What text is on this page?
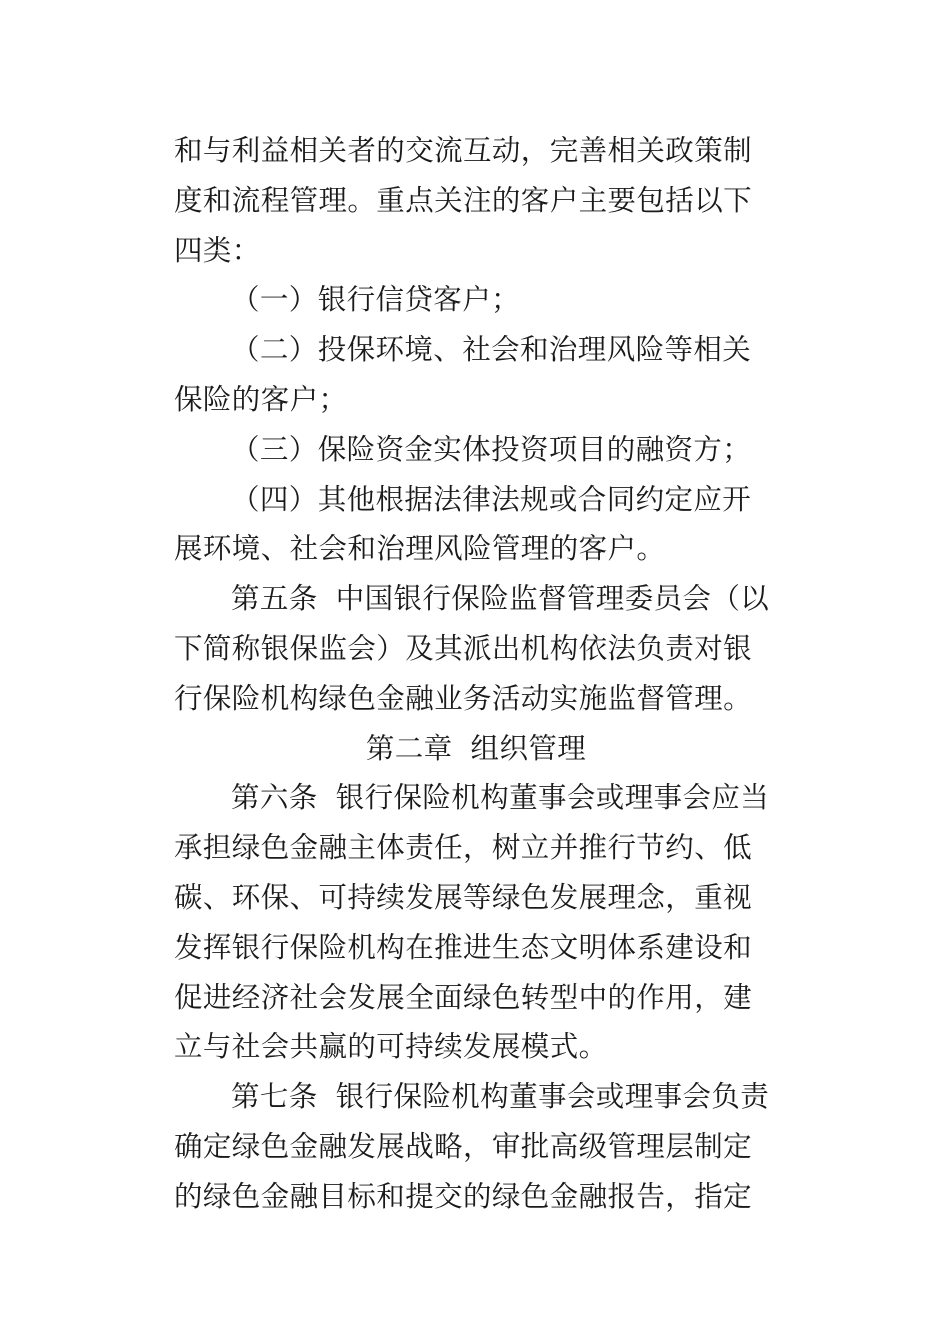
和与利益相关者的交流互动，完善相关政策制
度和流程管理。重点关注的客户主要包括以下
四类：
（一）银行信贷客户；
（二）投保环境、社会和治理风险等相关
保险的客户；
（三）保险资金实体投资项目的融资方；
（四）其他根据法律法规或合同约定应开
展环境、社会和治理风险管理的客户。
第五条 中国银行保险监督管理委员会（以
下简称银保监会）及其派出机构依法负责对银
行保险机构绿色金融业务活动实施监督管理。
第二章 组织管理
第六条 银行保险机构董事会或理事会应当
承担绿色金融主体责任，树立并推行节约、低
碳、环保、可持续发展等绿色发展理念，重视
发挥银行保险机构在推进生态文明体系建设和
促进经济社会发展全面绿色转型中的作用，建
立与社会共赢的可持续发展模式。
第七条 银行保险机构董事会或理事会负责
确定绿色金融发展战略，审批高级管理层制定
的绿色金融目标和提交的绿色金融报告，指定
